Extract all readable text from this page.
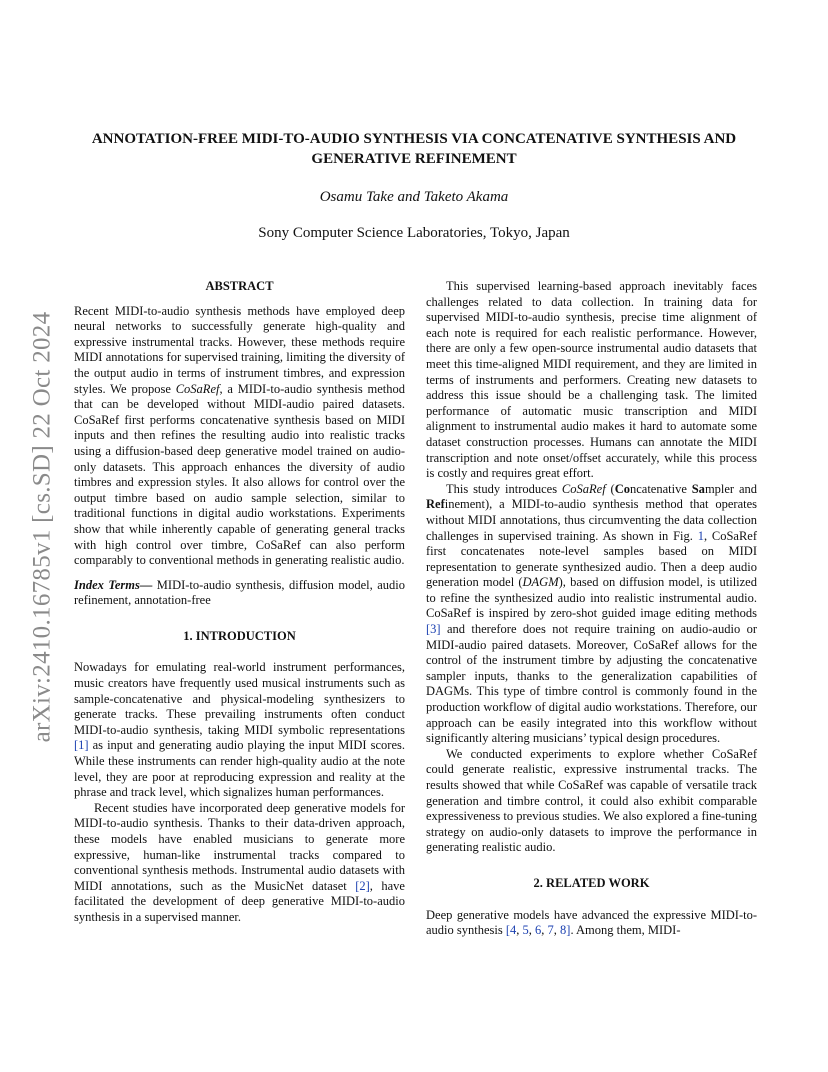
arXiv:2410.16785v1 [cs.SD] 22 Oct 2024
ANNOTATION-FREE MIDI-TO-AUDIO SYNTHESIS VIA CONCATENATIVE SYNTHESIS AND GENERATIVE REFINEMENT
Osamu Take and Taketo Akama
Sony Computer Science Laboratories, Tokyo, Japan
ABSTRACT

Recent MIDI-to-audio synthesis methods have employed deep neural networks to successfully generate high-quality and expressive instrumental tracks. However, these methods require MIDI annotations for supervised training, limiting the diversity of the output audio in terms of instrument timbres, and expression styles. We propose CoSaRef, a MIDI-to-audio synthesis method that can be developed without MIDI-audio paired datasets. CoSaRef first performs concatenative synthesis based on MIDI inputs and then refines the resulting audio into realistic tracks using a diffusion-based deep generative model trained on audio-only datasets. This approach enhances the diversity of audio timbres and expression styles. It also allows for control over the output timbre based on audio sample selection, similar to traditional functions in digital audio workstations. Experiments show that while inherently capable of generating general tracks with high control over timbre, CoSaRef can also perform comparably to conventional methods in generating realistic audio.

Index Terms— MIDI-to-audio synthesis, diffusion model, audio refinement, annotation-free

1. INTRODUCTION

Nowadays for emulating real-world instrument performances, music creators have frequently used musical instruments such as sample-concatenative and physical-modeling synthesizers to generate tracks. These prevailing instruments often conduct MIDI-to-audio synthesis, taking MIDI symbolic representations [1] as input and generating audio playing the input MIDI scores. While these instruments can render high-quality audio at the note level, they are poor at reproducing expression and reality at the phrase and track level, which signalizes human performances.

Recent studies have incorporated deep generative models for MIDI-to-audio synthesis. Thanks to their data-driven approach, these models have enabled musicians to generate more expressive, human-like instrumental tracks compared to conventional synthesis methods. Instrumental audio datasets with MIDI annotations, such as the MusicNet dataset [2], have facilitated the development of deep generative MIDI-to-audio synthesis in a supervised manner.

This supervised learning-based approach inevitably faces challenges related to data collection. In training data for supervised MIDI-to-audio synthesis, precise time alignment of each note is required for each realistic performance. However, there are only a few open-source instrumental audio datasets that meet this time-aligned MIDI requirement, and they are limited in terms of instruments and performers. Creating new datasets to address this issue should be a challenging task. The limited performance of automatic music transcription and MIDI alignment to instrumental audio makes it hard to automate some dataset construction processes. Humans can annotate the MIDI transcription and note onset/offset accurately, while this process is costly and requires great effort.

This study introduces CoSaRef (Concatenative Sampler and Refinement), a MIDI-to-audio synthesis method that operates without MIDI annotations, thus circumventing the data collection challenges in supervised training. As shown in Fig. 1, CoSaRef first concatenates note-level samples based on MIDI representation to generate synthesized audio. Then a deep audio generation model (DAGM), based on diffusion model, is utilized to refine the synthesized audio into realistic instrumental audio. CoSaRef is inspired by zero-shot guided image editing methods [3] and therefore does not require training on audio-audio or MIDI-audio paired datasets. Moreover, CoSaRef allows for the control of the instrument timbre by adjusting the concatenative sampler inputs, thanks to the generalization capabilities of DAGMs. This type of timbre control is commonly found in the production workflow of digital audio workstations. Therefore, our approach can be easily integrated into this workflow without significantly altering musicians’ typical design procedures.

We conducted experiments to explore whether CoSaRef could generate realistic, expressive instrumental tracks. The results showed that while CoSaRef was capable of versatile track generation and timbre control, it could also exhibit comparable expressiveness to previous studies. We also explored a fine-tuning strategy on audio-only datasets to improve the performance in generating realistic audio.

2. RELATED WORK

Deep generative models have advanced the expressive MIDI-to-audio synthesis [4, 5, 6, 7, 8]. Among them, MIDI-
